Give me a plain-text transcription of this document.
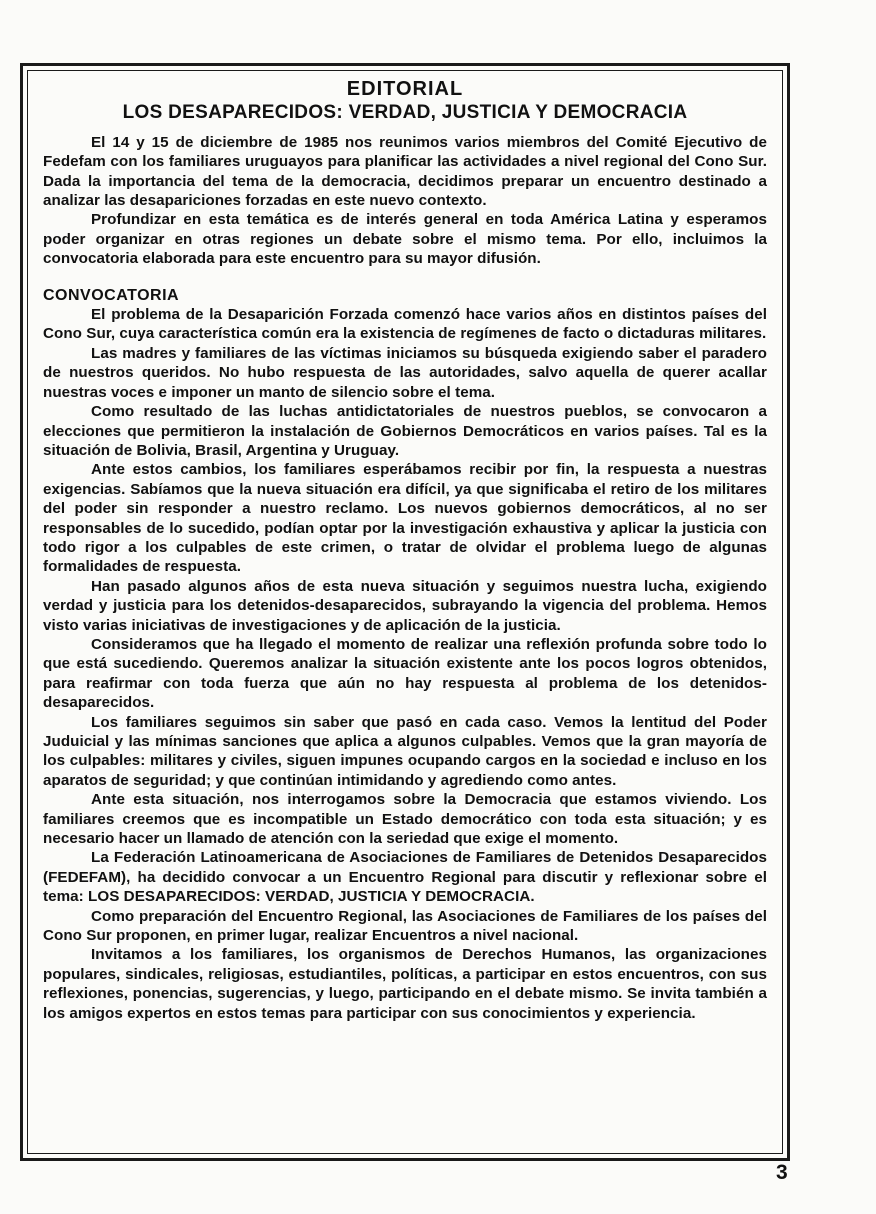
EDITORIAL
LOS DESAPARECIDOS: VERDAD, JUSTICIA Y DEMOCRACIA

El 14 y 15 de diciembre de 1985 nos reunimos varios miembros del Comité Ejecutivo de Fedefam con los familiares uruguayos para planificar las actividades a nivel regional del Cono Sur. Dada la importancia del tema de la democracia, decidimos preparar un encuentro destinado a analizar las desapariciones forzadas en este nuevo contexto.

Profundizar en esta temática es de interés general en toda América Latina y esperamos poder organizar en otras regiones un debate sobre el mismo tema. Por ello, incluimos la convocatoria elaborada para este encuentro para su mayor difusión.

CONVOCATORIA

El problema de la Desaparición Forzada comenzó hace varios años en distintos países del Cono Sur, cuya característica común era la existencia de regímenes de facto o dictaduras militares.

Las madres y familiares de las víctimas iniciamos su búsqueda exigiendo saber el paradero de nuestros queridos. No hubo respuesta de las autoridades, salvo aquella de querer acallar nuestras voces e imponer un manto de silencio sobre el tema.

Como resultado de las luchas antidictatoriales de nuestros pueblos, se convocaron a elecciones que permitieron la instalación de Gobiernos Democráticos en varios países. Tal es la situación de Bolivia, Brasil, Argentina y Uruguay.

Ante estos cambios, los familiares esperábamos recibir por fin, la respuesta a nuestras exigencias. Sabíamos que la nueva situación era difícil, ya que significaba el retiro de los militares del poder sin responder a nuestro reclamo. Los nuevos gobiernos democráticos, al no ser responsables de lo sucedido, podían optar por la investigación exhaustiva y aplicar la justicia con todo rigor a los culpables de este crimen, o tratar de olvidar el problema luego de algunas formalidades de respuesta.

Han pasado algunos años de esta nueva situación y seguimos nuestra lucha, exigiendo verdad y justicia para los detenidos-desaparecidos, subrayando la vigencia del problema. Hemos visto varias iniciativas de investigaciones y de aplicación de la justicia.

Consideramos que ha llegado el momento de realizar una reflexión profunda sobre todo lo que está sucediendo. Queremos analizar la situación existente ante los pocos logros obtenidos, para reafirmar con toda fuerza que aún no hay respuesta al problema de los detenidos-desaparecidos.

Los familiares seguimos sin saber que pasó en cada caso. Vemos la lentitud del Poder Juduicial y las mínimas sanciones que aplica a algunos culpables. Vemos que la gran mayoría de los culpables: militares y civiles, siguen impunes ocupando cargos en la sociedad e incluso en los aparatos de seguridad; y que continúan intimidando y agrediendo como antes.

Ante esta situación, nos interrogamos sobre la Democracia que estamos viviendo. Los familiares creemos que es incompatible un Estado democrático con toda esta situación; y es necesario hacer un llamado de atención con la seriedad que exige el momento.

La Federación Latinoamericana de Asociaciones de Familiares de Detenidos Desaparecidos (FEDEFAM), ha decidido convocar a un Encuentro Regional para discutir y reflexionar sobre el tema: LOS DESAPARECIDOS: VERDAD, JUSTICIA Y DEMOCRACIA.

Como preparación del Encuentro Regional, las Asociaciones de Familiares de los países del Cono Sur proponen, en primer lugar, realizar Encuentros a nivel nacional.

Invitamos a los familiares, los organismos de Derechos Humanos, las organizaciones populares, sindicales, religiosas, estudiantiles, políticas, a participar en estos encuentros, con sus reflexiones, ponencias, sugerencias, y luego, participando en el debate mismo. Se invita también a los amigos expertos en estos temas para participar con sus conocimientos y experiencia.

3
